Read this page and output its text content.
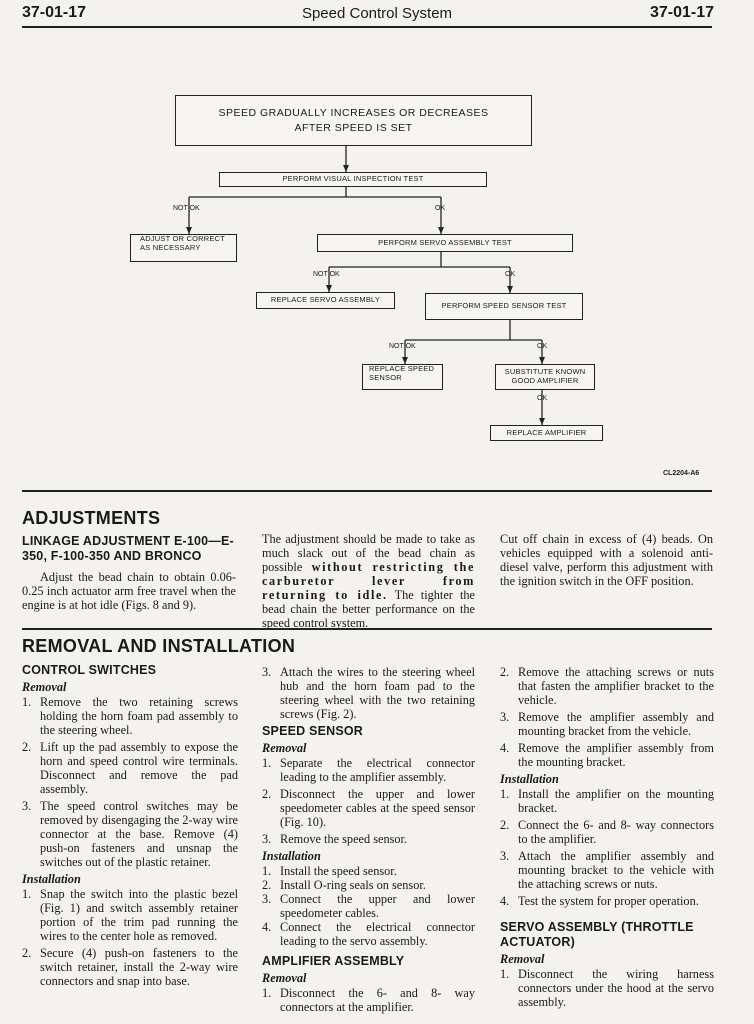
37-01-17	Speed Control System	37-01-17
SPEED GRADUALLY INCREASES OR DECREASES
AFTER SPEED IS SET
PERFORM VISUAL INSPECTION TEST
NOT OK	OK
ADJUST OR CORRECT
AS NECESSARY
PERFORM SERVO ASSEMBLY TEST
NOT OK	OK
REPLACE SERVO ASSEMBLY
PERFORM SPEED SENSOR TEST
NOT OK	OK
REPLACE SPEED
SENSOR
SUBSTITUTE KNOWN
GOOD AMPLIFIER
OK
REPLACE AMPLIFIER
CL2204-A6
ADJUSTMENTS
LINKAGE ADJUSTMENT E-100—E-
350, F-100-350 AND BRONCO

Adjust the bead chain to obtain 0.06-0.25 inch actuator arm free travel when the engine is at hot idle (Figs. 8 and 9).

The adjustment should be made to take as much slack out of the bead chain as possible without restricting the carburetor lever from returning to idle. The tighter the bead chain the better performance on the speed control system.

Cut off chain in excess of (4) beads. On vehicles equipped with a solenoid anti-diesel valve, perform this adjustment with the ignition switch in the OFF position.

REMOVAL AND INSTALLATION
CONTROL SWITCHES
Removal
1. Remove the two retaining screws holding the horn foam pad assembly to the steering wheel.
2. Lift up the pad assembly to expose the horn and speed control wire terminals. Disconnect and remove the pad assembly.
3. The speed control switches may be removed by disengaging the 2-way wire connector at the base. Remove (4) push-on fasteners and unsnap the switches out of the plastic retainer.
Installation
1. Snap the switch into the plastic bezel (Fig. 1) and switch assembly retainer portion of the trim pad running the wires to the center hole as removed.
2. Secure (4) push-on fasteners to the switch retainer, install the 2-way wire connectors and snap into base.
3. Attach the wires to the steering wheel hub and the horn foam pad to the steering wheel with the two retaining screws (Fig. 2).
SPEED SENSOR
Removal
1. Separate the electrical connector leading to the amplifier assembly.
2. Disconnect the upper and lower speedometer cables at the speed sensor (Fig. 10).
3. Remove the speed sensor.
Installation
1. Install the speed sensor.
2. Install O-ring seals on sensor.
3. Connect the upper and lower speedometer cables.
4. Connect the electrical connector leading to the servo assembly.
AMPLIFIER ASSEMBLY
Removal
1. Disconnect the 6- and 8- way connectors at the amplifier.
2. Remove the attaching screws or nuts that fasten the amplifier bracket to the vehicle.
3. Remove the amplifier assembly and mounting bracket from the vehicle.
4. Remove the amplifier assembly from the mounting bracket.
Installation
1. Install the amplifier on the mounting bracket.
2. Connect the 6- and 8- way connectors to the amplifier.
3. Attach the amplifier assembly and mounting bracket to the vehicle with the attaching screws or nuts.
4. Test the system for proper operation.
SERVO ASSEMBLY (THROTTLE
ACTUATOR)
Removal
1. Disconnect the wiring harness connectors under the hood at the servo assembly.
